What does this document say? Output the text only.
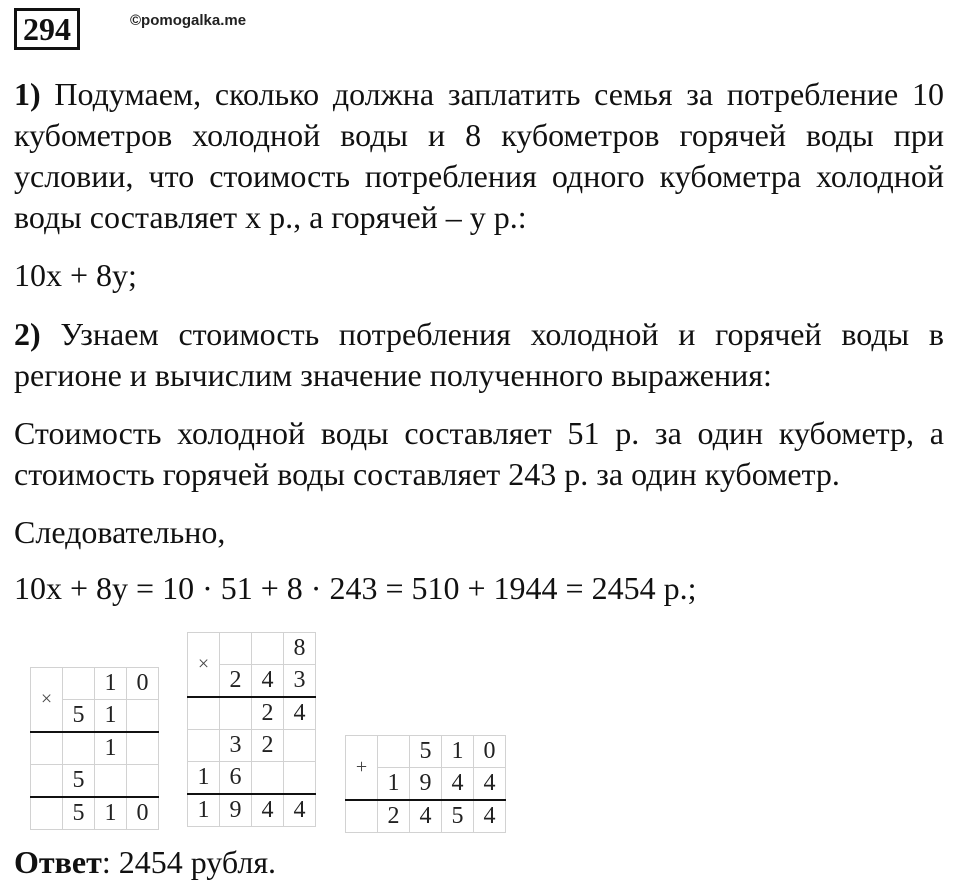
294	©pomogalka.me

1) Подумаем, сколько должна заплатить семья за потребление 10 кубометров холодной воды и 8 кубометров горячей воды при условии, что стоимость потребления одного кубометра холодной воды составляет x р., а горячей – y р.:

10x + 8y;

2) Узнаем стоимость потребления холодной и горячей воды в регионе и вычислим значение полученного выражения:

Стоимость холодной воды составляет 51 р. за один кубометр, а стоимость горячей воды составляет 243 р. за один кубометр.

Следовательно,

10x + 8y = 10 · 51 + 8 · 243 = 510 + 1944 = 2454 р.;

×		1	0
	5	1	
		1	
	5		
	5	1	0
×			8
	2	4	3
		2	4
	3	2	
1	6		
1	9	4	4
+		5	1	0
	1	9	4	4
	2	4	5	4
Ответ: 2454 рубля.
